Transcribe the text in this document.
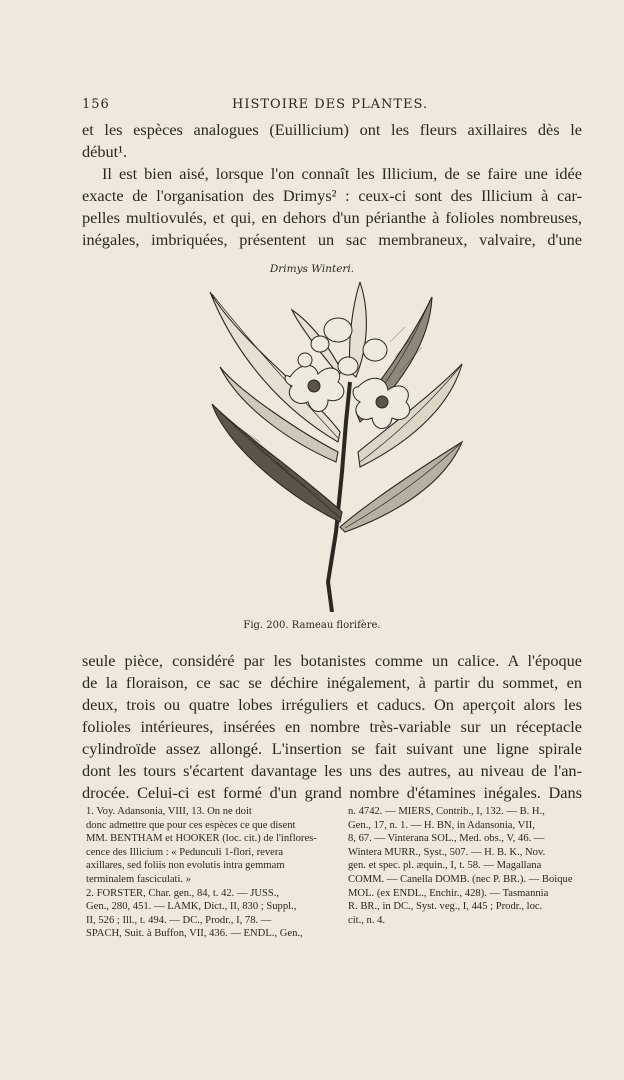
156	HISTOIRE DES PLANTES.
et les espèces analogues (Euillicium) ont les fleurs axillaires dès le
début¹.
Il est bien aisé, lorsque l'on connaît les Illicium, de se faire une idée
exacte de l'organisation des Drimys² : ceux-ci sont des Illicium à car-
pelles multiovulés, et qui, en dehors d'un périanthe à folioles nombreuses,
inégales, imbriquées, présentent un sac membraneux, valvaire, d'une
Drimys Winteri.
Fig. 200. Rameau florifère.
seule pièce, considéré par les botanistes comme un calice. A l'époque
de la floraison, ce sac se déchire inégalement, à partir du sommet, en
deux, trois ou quatre lobes irréguliers et caducs. On aperçoit alors les
folioles intérieures, insérées en nombre très-variable sur un réceptacle
cylindroïde assez allongé. L'insertion se fait suivant une ligne spirale
dont les tours s'écartent davantage les uns des autres, au niveau de l'an-
drocée. Celui-ci est formé d'un grand nombre d'étamines inégales. Dans
1. Voy. Adansonia, VIII, 13. On ne doit
donc admettre que pour ces espèces ce que disent
MM. BENTHAM et HOOKER (loc. cit.) de l'inflores-
cence des Illicium : « Pedunculi 1-flori, revera
axillares, sed foliis non evolutis intra gemmam
terminalem fasciculati. »
2. FORSTER, Char. gen., 84, t. 42. — JUSS.,
Gen., 280, 451. — LAMK, Dict., II, 830 ; Suppl.,
II, 526 ; Ill., t. 494. — DC., Prodr., I, 78. —
SPACH, Suit. à Buffon, VII, 436. — ENDL., Gen.,
n. 4742. — MIERS, Contrib., I, 132. — B. H.,
Gen., 17, n. 1. — H. BN, in Adansonia, VII,
8, 67. — Vinterana SOL., Med. obs., V, 46. —
Wintera MURR., Syst., 507. — H. B. K., Nov.
gen. et spec. pl. æquin., I, t. 58. — Magallana
COMM. — Canella DOMB. (nec P. BR.). — Boique
MOL. (ex ENDL., Enchir., 428). — Tasmannia
R. BR., in DC., Syst. veg., I, 445 ; Prodr., loc.
cit., n. 4.
